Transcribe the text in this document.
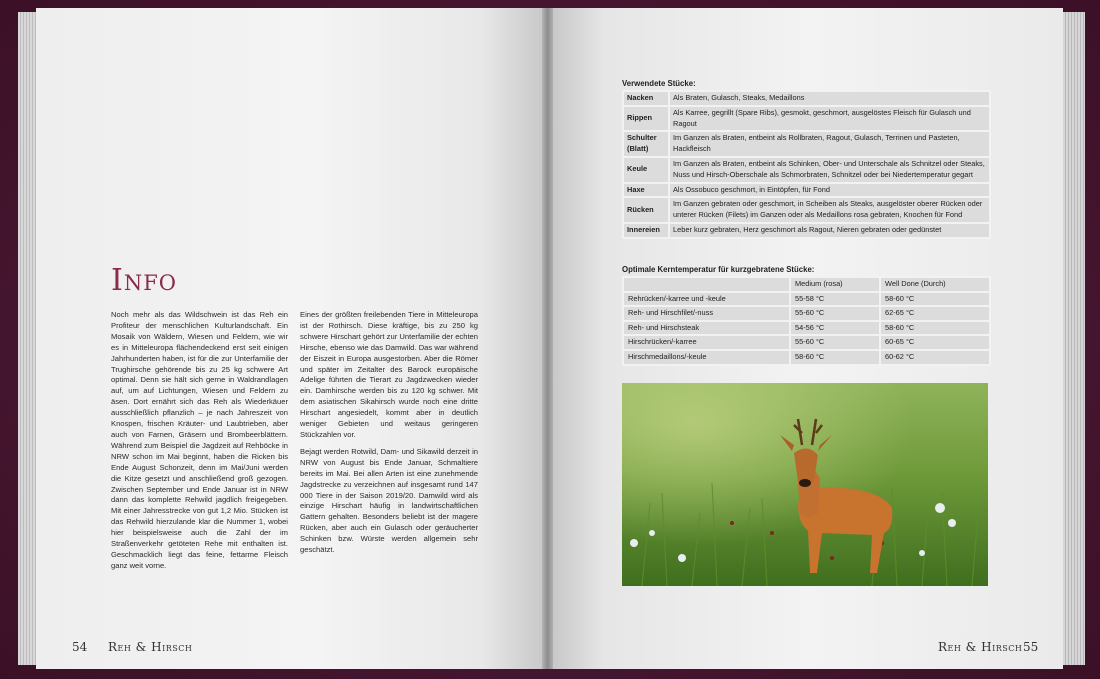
Info

Noch mehr als das Wildschwein ist das Reh ein Profiteur der menschlichen Kulturlandschaft. Ein Mosaik von Wäldern, Wiesen und Feldern, wie wir es in Mitteleuropa flächendeckend erst seit einigen Jahrhunderten haben, ist für die zur Unterfamilie der Trughirsche gehörende bis zu 25 kg schwere Art optimal. Denn sie hält sich gerne in Waldrandlagen auf, um auf Lichtungen, Wiesen und Feldern zu äsen. Dort ernährt sich das Reh als Wiederkäuer ausschließlich pflanzlich – je nach Jahreszeit von Knospen, frischen Kräuter- und Laubtrieben, aber auch von Farnen, Gräsern und Brombeerblättern. Während zum Beispiel die Jagdzeit auf Rehböcke in NRW schon im Mai beginnt, haben die Ricken bis Ende August Schonzeit, denn im Mai/Juni werden die Kitze gesetzt und anschließend groß gezogen. Zwischen September und Ende Januar ist in NRW dann das komplette Rehwild jagdlich freigegeben. Mit einer Jahresstrecke von gut 1,2 Mio. Stücken ist das Rehwild hierzulande klar die Nummer 1, wobei hier beispielsweise auch die Zahl der im Straßenverkehr getöteten Rehe mit enthalten ist. Geschmacklich liegt das feine, fettarme Fleisch ganz weit vorne.

Eines der größten freilebenden Tiere in Mitteleuropa ist der Rothirsch. Diese kräftige, bis zu 250 kg schwere Hirschart gehört zur Unterfamilie der echten Hirsche, ebenso wie das Damwild. Das war während der Eiszeit in Europa ausgestorben. Aber die Römer und später im Zeitalter des Barock europäische Adelige führten die Tierart zu Jagdzwecken wieder ein. Damhirsche werden bis zu 120 kg schwer. Mit dem asiatischen Sikahirsch wurde noch eine dritte Hirschart angesiedelt, kommt aber in deutlich weniger Gebieten und weitaus geringeren Stückzahlen vor.

Bejagt werden Rotwild, Dam- und Sikawild derzeit in NRW von August bis Ende Januar, Schmaltiere bereits im Mai. Bei allen Arten ist eine zunehmende Jagdstrecke zu verzeichnen auf insgesamt rund 147 000 Tiere in der Saison 2019/20. Damwild wird als einzige Hirschart häufig in landwirtschaftlichen Gattern gehalten. Besonders beliebt ist der magere Rücken, aber auch ein Gulasch oder geräucherter Schinken bzw. Würste werden allgemein sehr geschätzt.

54 Reh & Hirsch
Verwendete Stücke:
Nacken	Als Braten, Gulasch, Steaks, Medaillons
Rippen	Als Karree, gegrillt (Spare Ribs), gesmokt, geschmort, ausgelöstes Fleisch für Gulasch und Ragout
Schulter (Blatt)	Im Ganzen als Braten, entbeint als Rollbraten, Ragout, Gulasch, Terrinen und Pasteten, Hackfleisch
Keule	Im Ganzen als Braten, entbeint als Schinken, Ober- und Unterschale als Schnitzel oder Steaks, Nuss und Hirsch-Oberschale als Schmorbraten, Schnitzel oder bei Niedertemperatur gegart
Haxe	Als Ossobuco geschmort, in Eintöpfen, für Fond
Rücken	Im Ganzen gebraten oder geschmort, in Scheiben als Steaks, ausgelöster oberer Rücken oder unterer Rücken (Filets) im Ganzen oder als Medaillons rosa gebraten, Knochen für Fond
Innereien	Leber kurz gebraten, Herz geschmort als Ragout, Nieren gebraten oder gedünstet
Optimale Kerntemperatur für kurzgebratene Stücke:
	Medium (rosa)	Well Done (Durch)
Rehrücken/-karree und -keule	55-58 °C	58-60 °C
Reh- und Hirschfilet/-nuss	55-60 °C	62-65 °C
Reh- und Hirschsteak	54-56 °C	58-60 °C
Hirschrücken/-karree	55-60 °C	60-65 °C
Hirschmedaillons/-keule	58-60 °C	60-62 °C
Reh & Hirsch 55
